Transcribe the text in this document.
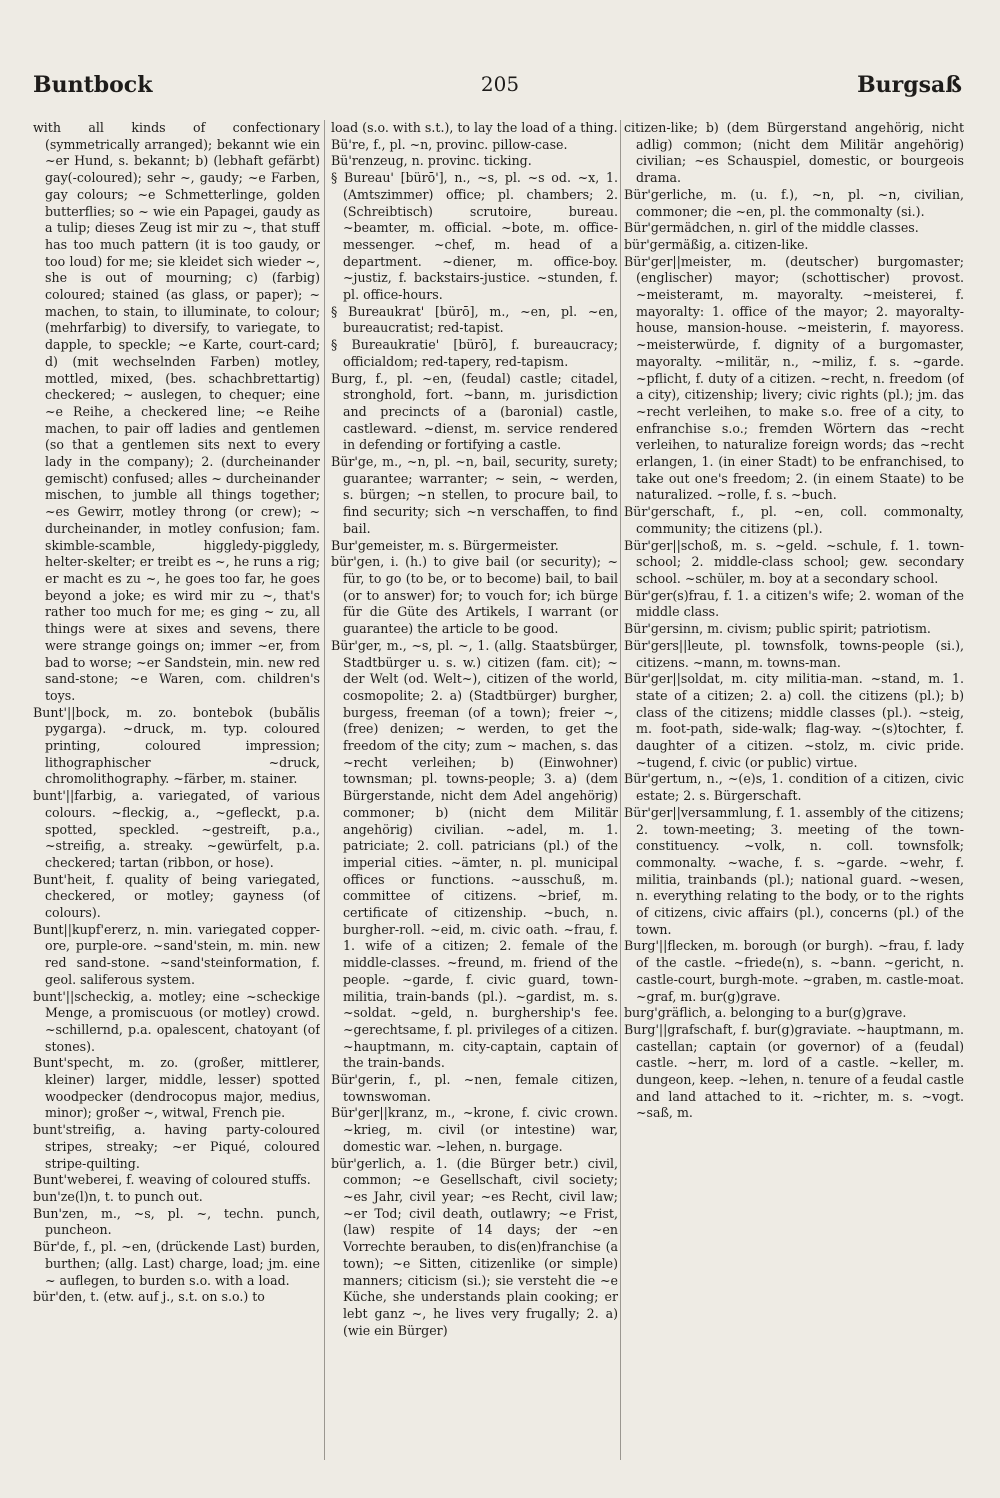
Buntbock	205	Burgsaß

with all kinds of confectionary (symmetrically arranged); bekannt wie ein ~er Hund, s. bekannt; b) (lebhaft gefärbt) gay(-coloured); sehr ~, gaudy; ~e Farben, gay colours; ~e Schmetterlinge, golden butterflies; so ~ wie ein Papagei, gaudy as a tulip; dieses Zeug ist mir zu ~, that stuff has too much pattern (it is too gaudy, or too loud) for me; sie kleidet sich wieder ~, she is out of mourning; c) (farbig) coloured; stained (as glass, or paper); ~ machen, to stain, to illuminate, to colour; (mehrfarbig) to diversify, to variegate, to dapple, to speckle; ~e Karte, court-card; d) (mit wechselnden Farben) motley, mottled, mixed, (bes. schachbrettartig) checkered; ~ auslegen, to chequer; eine ~e Reihe, a checkered line; ~e Reihe machen, to pair off ladies and gentlemen (so that a gentlemen sits next to every lady in the company); 2. (durcheinander gemischt) confused; alles ~ durcheinander mischen, to jumble all things together; ~es Gewirr, motley throng (or crew); ~ durcheinander, in motley confusion; fam. skimble-scamble, higgledy-piggledy, helter-skelter; er treibt es ~, he runs a rig; er macht es zu ~, he goes too far, he goes beyond a joke; es wird mir zu ~, that's rather too much for me; es ging ~ zu, all things were at sixes and sevens, there were strange goings on; immer ~er, from bad to worse; ~er Sandstein, min. new red sand-stone; ~e Waren, com. children's toys.

Bunt'||bock, m. zo. bontebok (bubălis pygarga). ~druck, m. typ. coloured printing, coloured impression; lithographischer ~druck, chromolithography. ~färber, m. stainer.

bunt'||farbig, a. variegated, of various colours. ~fleckig, a., ~gefleckt, p.a. spotted, speckled. ~gestreift, p.a., ~streifig, a. streaky. ~gewürfelt, p.a. checkered; tartan (ribbon, or hose).

Bunt'heit, f. quality of being variegated, checkered, or motley; gayness (of colours).

Bunt||kupf'ererz, n. min. variegated copper-ore, purple-ore. ~sand'stein, m. min. new red sand-stone. ~sand'steinformation, f. geol. saliferous system.

bunt'||scheckig, a. motley; eine ~scheckige Menge, a promiscuous (or motley) crowd. ~schillernd, p.a. opalescent, chatoyant (of stones).

Bunt'specht, m. zo. (großer, mittlerer, kleiner) larger, middle, lesser) spotted woodpecker (dendrocopus major, medius, minor); großer ~, witwal, French pie.

bunt'streifig, a. having party-coloured stripes, streaky; ~er Piqué, coloured stripe-quilting.

Bunt'weberei, f. weaving of coloured stuffs.

bun'ze(l)n, t. to punch out.

Bun'zen, m., ~s, pl. ~, techn. punch, puncheon.

Bür'de, f., pl. ~en, (drückende Last) burden, burthen; (allg. Last) charge, load; jm. eine ~ auflegen, to burden s.o. with a load.

bür'den, t. (etw. auf j., s.t. on s.o.) to

load (s.o. with s.t.), to lay the load of a thing.

Bü're, f., pl. ~n, provinc. pillow-case.

Bü'renzeug, n. provinc. ticking.

§ Bureau' [bürō'], n., ~s, pl. ~s od. ~x, 1. (Amtszimmer) office; pl. chambers; 2. (Schreibtisch) scrutoire, bureau. ~beamter, m. official. ~bote, m. office-messenger. ~chef, m. head of a department. ~diener, m. office-boy. ~justiz, f. backstairs-justice. ~stunden, f. pl. office-hours.

§ Bureaukrat' [bürō], m., ~en, pl. ~en, bureaucratist; red-tapist.

§ Bureaukratie' [bürō], f. bureaucracy; officialdom; red-tapery, red-tapism.

Burg, f., pl. ~en, (feudal) castle; citadel, stronghold, fort. ~bann, m. jurisdiction and precincts of a (baronial) castle, castleward. ~dienst, m. service rendered in defending or fortifying a castle.

Bür'ge, m., ~n, pl. ~n, bail, security, surety; guarantee; warranter; ~ sein, ~ werden, s. bürgen; ~n stellen, to procure bail, to find security; sich ~n verschaffen, to find bail.

Bur'gemeister, m. s. Bürgermeister.

bür'gen, i. (h.) to give bail (or security); ~ für, to go (to be, or to become) bail, to bail (or to answer) for; to vouch for; ich bürge für die Güte des Artikels, I warrant (or guarantee) the article to be good.

Bür'ger, m., ~s, pl. ~, 1. (allg. Staatsbürger, Stadtbürger u. s. w.) citizen (fam. cit); ~ der Welt (od. Welt~), citizen of the world, cosmopolite; 2. a) (Stadtbürger) burgher, burgess, freeman (of a town); freier ~, (free) denizen; ~ werden, to get the freedom of the city; zum ~ machen, s. das ~recht verleihen; b) (Einwohner) townsman; pl. towns-people; 3. a) (dem Bürgerstande, nicht dem Adel angehörig) commoner; b) (nicht dem Militär angehörig) civilian. ~adel, m. 1. patriciate; 2. coll. patricians (pl.) of the imperial cities. ~ämter, n. pl. municipal offices or functions. ~ausschuß, m. committee of citizens. ~brief, m. certificate of citizenship. ~buch, n. burgher-roll. ~eid, m. civic oath. ~frau, f. 1. wife of a citizen; 2. female of the middle-classes. ~freund, m. friend of the people. ~garde, f. civic guard, town-militia, train-bands (pl.). ~gardist, m. s. ~soldat. ~geld, n. burghership's fee. ~gerechtsame, f. pl. privileges of a citizen. ~hauptmann, m. city-captain, captain of the train-bands.

Bür'gerin, f., pl. ~nen, female citizen, townswoman.

Bür'ger||kranz, m., ~krone, f. civic crown. ~krieg, m. civil (or intestine) war, domestic war. ~lehen, n. burgage.

bür'gerlich, a. 1. (die Bürger betr.) civil, common; ~e Gesellschaft, civil society; ~es Jahr, civil year; ~es Recht, civil law; ~er Tod; civil death, outlawry; ~e Frist, (law) respite of 14 days; der ~en Vorrechte berauben, to dis(en)franchise (a town); ~e Sitten, citizenlike (or simple) manners; citicism (si.); sie versteht die ~e Küche, she understands plain cooking; er lebt ganz ~, he lives very frugally; 2. a) (wie ein Bürger)

citizen-like; b) (dem Bürgerstand angehörig, nicht adlig) common; (nicht dem Militär angehörig) civilian; ~es Schauspiel, domestic, or bourgeois drama.

Bür'gerliche, m. (u. f.), ~n, pl. ~n, civilian, commoner; die ~en, pl. the commonalty (si.).

Bür'germädchen, n. girl of the middle classes.

bür'germäßig, a. citizen-like.

Bür'ger||meister, m. (deutscher) burgomaster; (englischer) mayor; (schottischer) provost. ~meisteramt, m. mayoralty. ~meisterei, f. mayoralty: 1. office of the mayor; 2. mayoralty-house, mansion-house. ~meisterin, f. mayoress. ~meisterwürde, f. dignity of a burgomaster, mayoralty. ~militär, n., ~miliz, f. s. ~garde. ~pflicht, f. duty of a citizen. ~recht, n. freedom (of a city), citizenship; livery; civic rights (pl.); jm. das ~recht verleihen, to make s.o. free of a city, to enfranchise s.o.; fremden Wörtern das ~recht verleihen, to naturalize foreign words; das ~recht erlangen, 1. (in einer Stadt) to be enfranchised, to take out one's freedom; 2. (in einem Staate) to be naturalized. ~rolle, f. s. ~buch.

Bür'gerschaft, f., pl. ~en, coll. commonalty, community; the citizens (pl.).

Bür'ger||schoß, m. s. ~geld. ~schule, f. 1. town-school; 2. middle-class school; gew. secondary school. ~schüler, m. boy at a secondary school.

Bür'ger(s)frau, f. 1. a citizen's wife; 2. woman of the middle class.

Bür'gersinn, m. civism; public spirit; patriotism.

Bür'gers||leute, pl. townsfolk, towns-people (si.), citizens. ~mann, m. towns-man.

Bür'ger||soldat, m. city militia-man. ~stand, m. 1. state of a citizen; 2. a) coll. the citizens (pl.); b) class of the citizens; middle classes (pl.). ~steig, m. foot-path, side-walk; flag-way. ~(s)tochter, f. daughter of a citizen. ~stolz, m. civic pride. ~tugend, f. civic (or public) virtue.

Bür'gertum, n., ~(e)s, 1. condition of a citizen, civic estate; 2. s. Bürgerschaft.

Bür'ger||versammlung, f. 1. assembly of the citizens; 2. town-meeting; 3. meeting of the town-constituency. ~volk, n. coll. townsfolk; commonalty. ~wache, f. s. ~garde. ~wehr, f. militia, trainbands (pl.); national guard. ~wesen, n. everything relating to the body, or to the rights of citizens, civic affairs (pl.), concerns (pl.) of the town.

Burg'||flecken, m. borough (or burgh). ~frau, f. lady of the castle. ~friede(n), s. ~bann. ~gericht, n. castle-court, burgh-mote. ~graben, m. castle-moat. ~graf, m. bur(g)grave.

burg'gräflich, a. belonging to a bur(g)grave.

Burg'||grafschaft, f. bur(g)graviate. ~hauptmann, m. castellan; captain (or governor) of a (feudal) castle. ~herr, m. lord of a castle. ~keller, m. dungeon, keep. ~lehen, n. tenure of a feudal castle and land attached to it. ~richter, m. s. ~vogt. ~saß, m.
